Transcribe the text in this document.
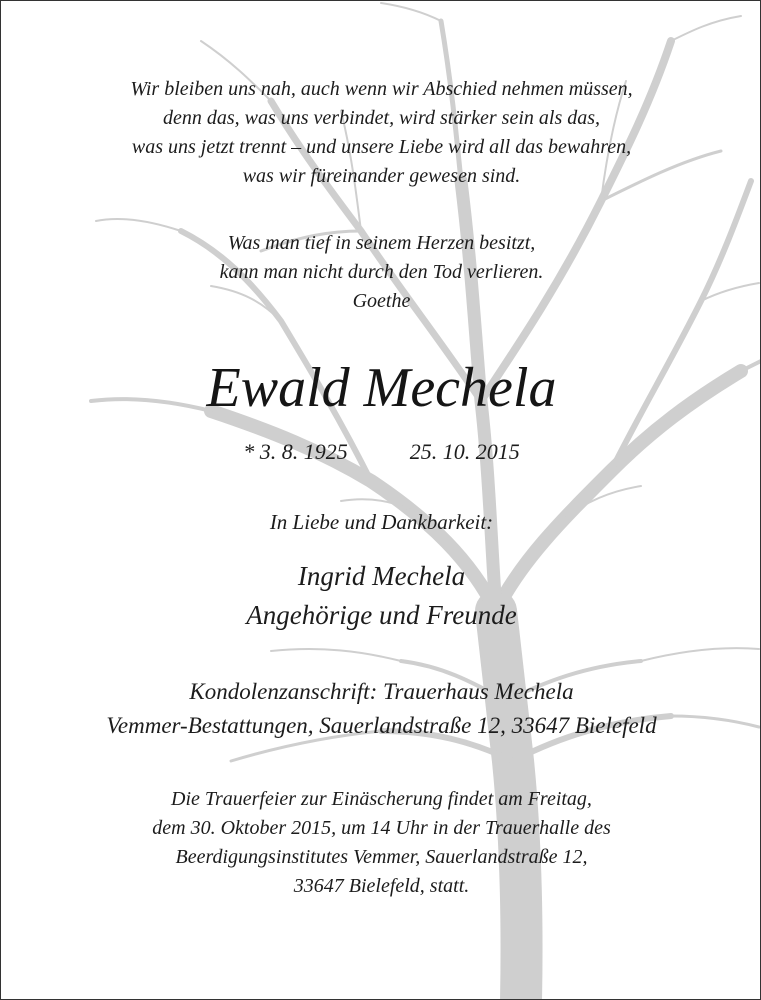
Wir bleiben uns nah, auch wenn wir Abschied nehmen müssen,
denn das, was uns verbindet, wird stärker sein als das,
was uns jetzt trennt – und unsere Liebe wird all das bewahren,
was wir füreinander gewesen sind.
Was man tief in seinem Herzen besitzt,
kann man nicht durch den Tod verlieren.
Goethe
Ewald Mechela
* 3. 8. 1925	25. 10. 2015
In Liebe und Dankbarkeit:
Ingrid Mechela
Angehörige und Freunde
Kondolenzanschrift: Trauerhaus Mechela
Vemmer-Bestattungen, Sauerlandstraße 12, 33647 Bielefeld
Die Trauerfeier zur Einäscherung findet am Freitag,
dem 30. Oktober 2015, um 14 Uhr in der Trauerhalle des
Beerdigungsinstitutes Vemmer, Sauerlandstraße 12,
33647 Bielefeld, statt.
